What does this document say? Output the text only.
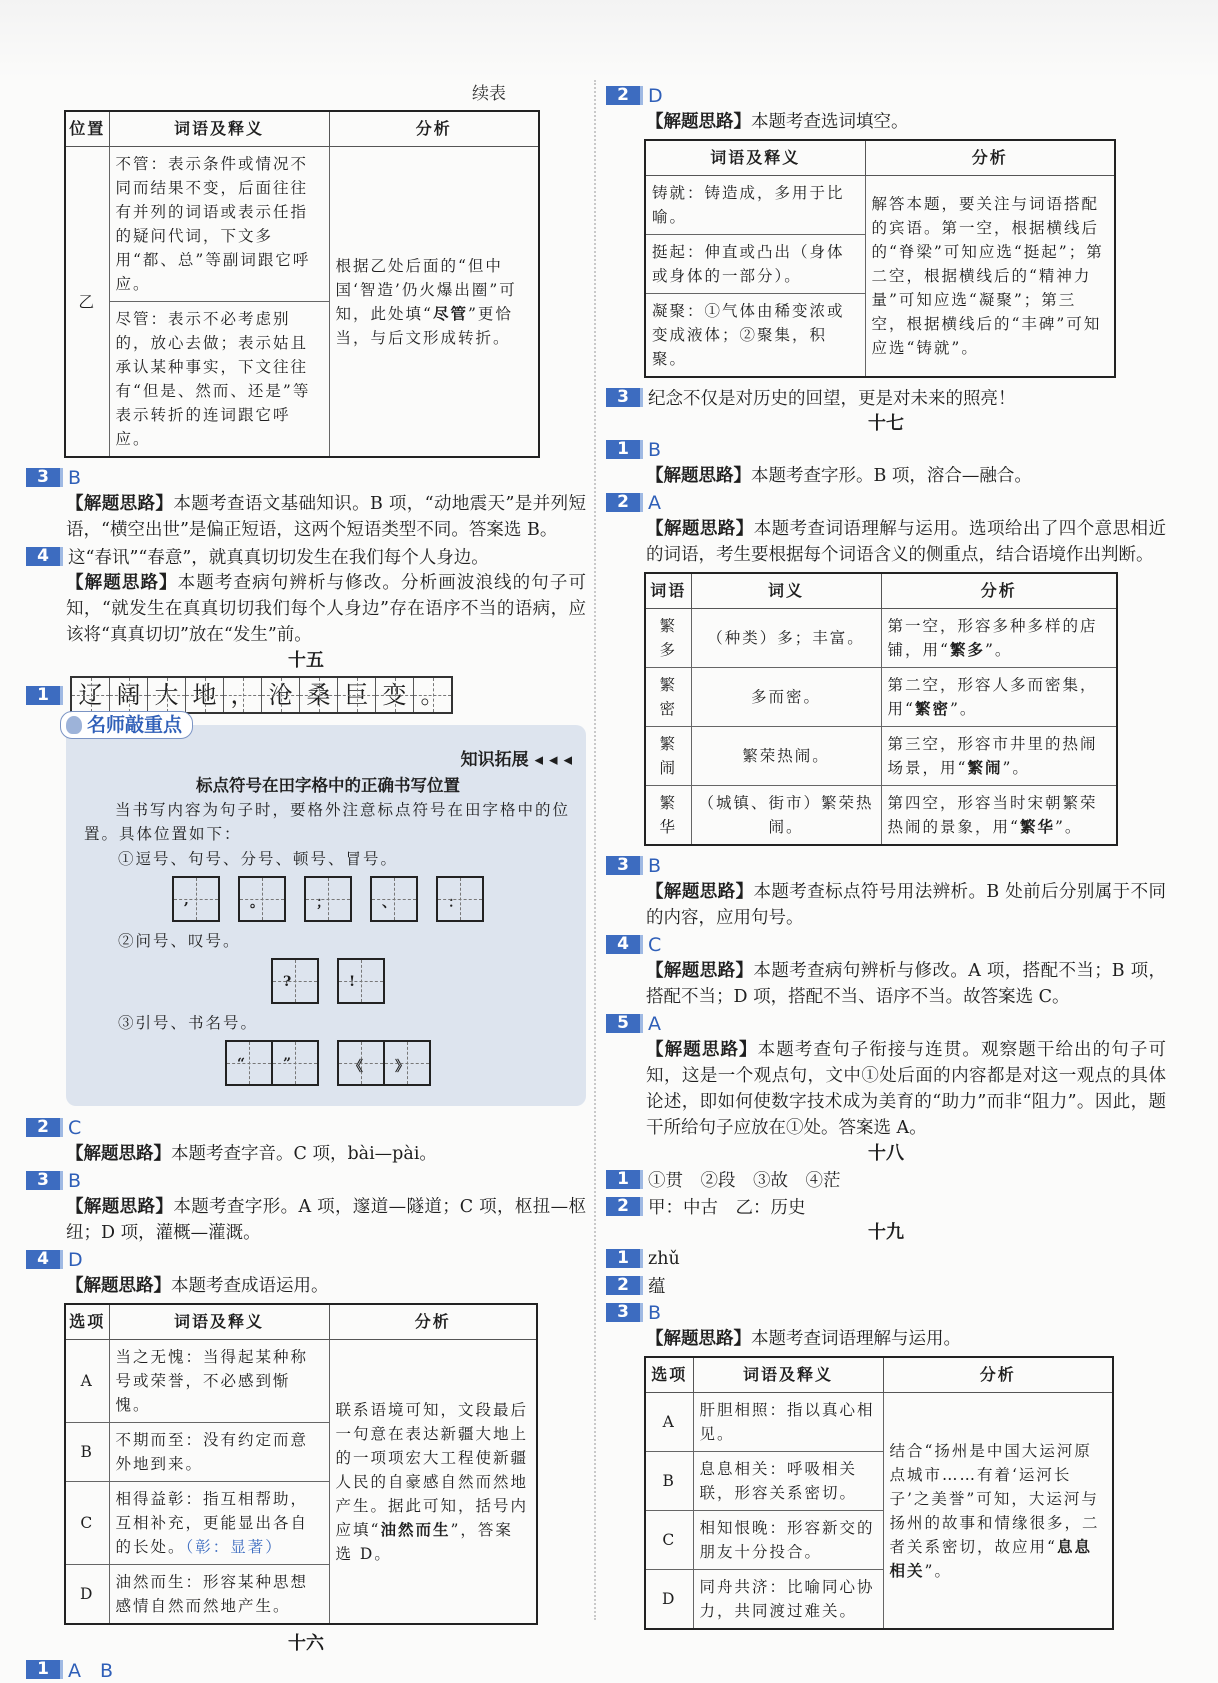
续表
位置	词语及释义	分析
乙	不管：表示条件或情况不同而结果不变，后面往往有并列的词语或表示任指的疑问代词，下文多用“都、总”等副词跟它呼应。	根据乙处后面的“但中国‘智造’仍火爆出圈”可知，此处填“尽管”更恰当，与后文形成转折。
	尽管：表示不必考虑别的，放心去做；表示姑且承认某种事实，下文往往有“但是、然而、还是”等表示转折的连词跟它呼应。	
3	B
【解题思路】本题考查语文基础知识。B 项，“动地震天”是并列短语，“横空出世”是偏正短语，这两个短语类型不同。答案选 B。
4	这“春讯”“春意”，就真真切切发生在我们每个人身边。
【解题思路】本题考查病句辨析与修改。分析画波浪线的句子可知，“就发生在真真切切我们每个人身边”存在语序不当的语病，应该将“真真切切”放在“发生”前。
十五
1	辽 阔 大 地 ， 沧 桑 巨 变 。
名师敲重点
知识拓展 ◂ ◂ ◂
标点符号在田字格中的正确书写位置
当书写内容为句子时，要格外注意标点符号在田字格中的位置。具体位置如下：
①逗号、句号、分号、顿号、冒号。
,	。	；	、	：
②问号、叹号。
?	!
③引号、书名号。
“	”	《 》
2	C
【解题思路】本题考查字音。C 项，bài—pài。
3	B
【解题思路】本题考查字形。A 项，邃道—隧道；C 项，枢扭—枢纽；D 项，灌概—灌溉。
4	D
【解题思路】本题考查成语运用。
选项	词语及释义	分析
A	当之无愧：当得起某种称号或荣誉，不必感到惭愧。	联系语境可知，文段最后一句意在表达新疆大地上的一项项宏大工程使新疆人民的自豪感自然而然地产生。据此可知，括号内应填“油然而生”，答案选 D。
B	不期而至：没有约定而意外地到来。	
C	相得益彰：指互相帮助，互相补充，更能显出各自的长处。（彰：显著）	
D	油然而生：形容某种思想感情自然而然地产生。	
十六
1	A　B
2	D
【解题思路】本题考查选词填空。
词语及释义	分析
铸就：铸造成，多用于比喻。	解答本题，要关注与词语搭配的宾语。第一空，根据横线后的“脊梁”可知应选“挺起”；第二空，根据横线后的“精神力量”可知应选“凝聚”；第三空，根据横线后的“丰碑”可知应选“铸就”。
挺起：伸直或凸出（身体或身体的一部分）。	
凝聚：①气体由稀变浓或变成液体；②聚集，积聚。	
3	纪念不仅是对历史的回望，更是对未来的照亮！
十七
1	B
【解题思路】本题考查字形。B 项，溶合—融合。
2	A
【解题思路】本题考查词语理解与运用。选项给出了四个意思相近的词语，考生要根据每个词语含义的侧重点，结合语境作出判断。
词语	词义	分析
繁多	（种类）多；丰富。	第一空，形容多种多样的店铺，用“繁多”。
繁密	多而密。	第二空，形容人多而密集，用“繁密”。
繁闹	繁荣热闹。	第三空，形容市井里的热闹场景，用“繁闹”。
繁华	（城镇、街市）繁荣热闹。	第四空，形容当时宋朝繁荣热闹的景象，用“繁华”。
3	B
【解题思路】本题考查标点符号用法辨析。B 处前后分别属于不同的内容，应用句号。
4	C
【解题思路】本题考查病句辨析与修改。A 项，搭配不当；B 项，搭配不当；D 项，搭配不当、语序不当。故答案选 C。
5	A
【解题思路】本题考查句子衔接与连贯。观察题干给出的句子可知，这是一个观点句，文中①处后面的内容都是对这一观点的具体论述，即如何使数字技术成为美育的“助力”而非“阻力”。因此，题干所给句子应放在①处。答案选 A。
十八
1	①贯　②段　③故　④茫
2	甲：中古　乙：历史
十九
1	zhǔ
2	蕴
3	B
【解题思路】本题考查词语理解与运用。
选项	词语及释义	分析
A	肝胆相照：指以真心相见。	结合“扬州是中国大运河原点城市……有着‘运河长子’之美誉”可知，大运河与扬州的故事和情缘很多，二者关系密切，故应用“息息相关”。
B	息息相关：呼吸相关联，形容关系密切。	
C	相知恨晚：形容新交的朋友十分投合。	
D	同舟共济：比喻同心协力，共同渡过难关。	
